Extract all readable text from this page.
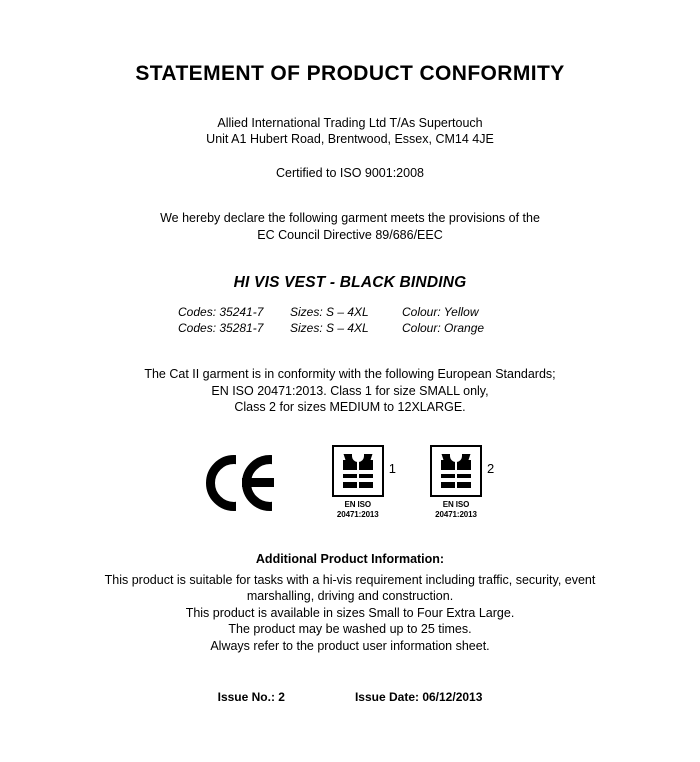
STATEMENT OF PRODUCT CONFORMITY
Allied International Trading Ltd T/As Supertouch
Unit A1 Hubert Road, Brentwood, Essex, CM14 4JE
Certified to ISO 9001:2008
We hereby declare the following garment meets the provisions of the
EC Council Directive 89/686/EEC
HI VIS VEST - BLACK BINDING
Codes: 35241-7	Sizes: S – 4XL	Colour: Yellow
Codes: 35281-7	Sizes: S – 4XL	Colour: Orange
The Cat II garment is in conformity with the following European Standards;
EN ISO 20471:2013. Class 1 for size SMALL only,
Class 2 for sizes MEDIUM to 12XLARGE.
EN ISO
20471:2013
1
EN ISO
20471:2013
2
Additional Product Information:
This product is suitable for tasks with a hi-vis requirement including traffic, security, event
marshalling, driving and construction.
This product is available in sizes Small to Four Extra Large.
The product may be washed up to 25 times.
Always refer to the product user information sheet.
Issue No.: 2	Issue Date: 06/12/2013
